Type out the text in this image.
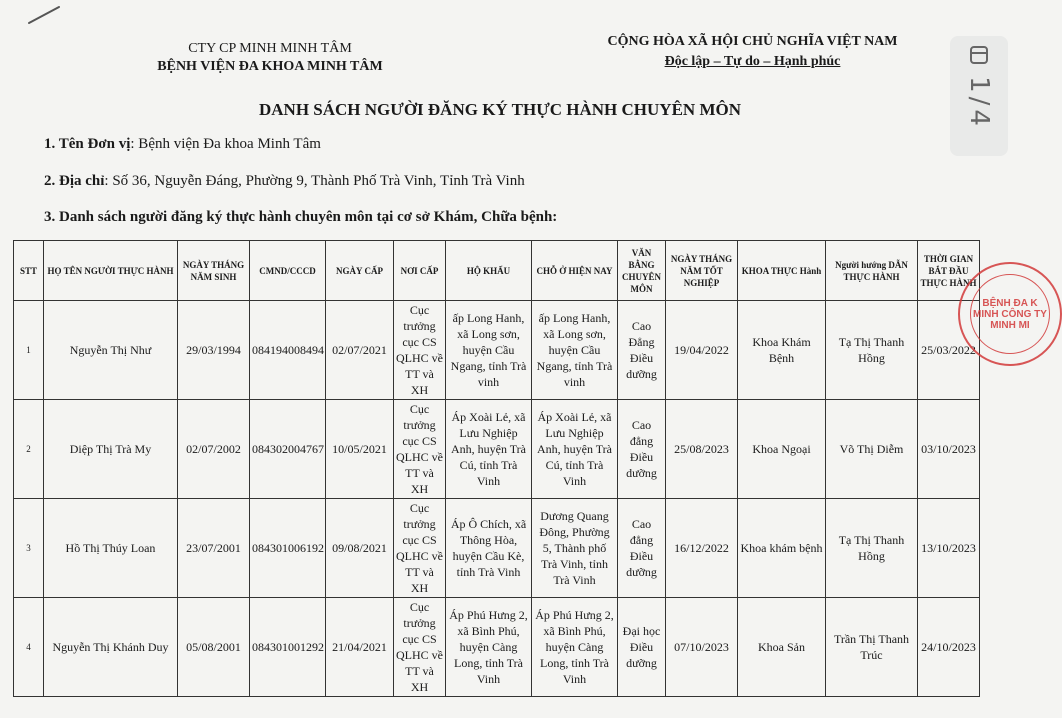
CTY CP MINH MINH TÂM
BỆNH VIỆN ĐA KHOA MINH TÂM
CỘNG HÒA XÃ HỘI CHỦ NGHĨA VIỆT NAM
Độc lập – Tự do – Hạnh phúc
1/4
DANH SÁCH NGƯỜI ĐĂNG KÝ THỰC HÀNH CHUYÊN MÔN
1. Tên Đơn vị: Bệnh viện Đa khoa Minh Tâm
2. Địa chỉ: Số 36, Nguyễn Đáng, Phường 9, Thành Phố Trà Vinh, Tỉnh Trà Vinh
3. Danh sách người đăng ký thực hành chuyên môn tại cơ sở Khám, Chữa bệnh:
STT	HỌ TÊN NGƯỜI THỰC HÀNH	NGÀY THÁNG NĂM SINH	CMND/CCCD	NGÀY CẤP	NƠI CẤP	HỘ KHẨU	CHỖ Ở HIỆN NAY	VĂN BẰNG CHUYÊN MÔN	NGÀY THÁNG NĂM TỐT NGHIỆP	KHOA THỰC Hành	Người hướng DẪN THỰC HÀNH	THỜI GIAN BẮT ĐẦU THỰC HÀNH
1	Nguyễn Thị Như	29/03/1994	084194008494	02/07/2021	Cục trưởng cục CS QLHC về TT và XH	ấp Long Hanh, xã Long sơn, huyện Cầu Ngang, tỉnh Trà vinh	ấp Long Hanh, xã Long sơn, huyện Cầu Ngang, tỉnh Trà vinh	Cao Đẳng Điều dưỡng	19/04/2022	Khoa Khám Bệnh	Tạ Thị Thanh Hồng	25/03/2022
2	Diệp Thị Trà My	02/07/2002	084302004767	10/05/2021	Cục trưởng cục CS QLHC về TT và XH	Áp Xoài Lẻ, xã Lưu Nghiệp Anh, huyện Trà Cú, tỉnh Trà Vinh	Áp Xoài Lẻ, xã Lưu Nghiệp Anh, huyện Trà Cú, tỉnh Trà Vinh	Cao đẳng Điều dưỡng	25/08/2023	Khoa Ngoại	Võ Thị Diễm	03/10/2023
3	Hồ Thị Thúy Loan	23/07/2001	084301006192	09/08/2021	Cục trưởng cục CS QLHC về TT và XH	Áp Ô Chích, xã Thông Hòa, huyện Cầu Kè, tỉnh Trà Vinh	Dương Quang Đông, Phường 5, Thành phố Trà Vinh, tỉnh Trà Vinh	Cao đẳng Điều dưỡng	16/12/2022	Khoa khám bệnh	Tạ Thị Thanh Hồng	13/10/2023
4	Nguyễn Thị Khánh Duy	05/08/2001	084301001292	21/04/2021	Cục trưởng cục CS QLHC về TT và XH	Áp Phú Hưng 2, xã Bình Phú, huyện Càng Long, tỉnh Trà Vinh	Áp Phú Hưng 2, xã Bình Phú, huyện Càng Long, tỉnh Trà Vinh	Đại học Điều dưỡng	07/10/2023	Khoa Sản	Trần Thị Thanh Trúc	24/10/2023
BỆNH ĐA K MINH CÔNG TY MINH MI
